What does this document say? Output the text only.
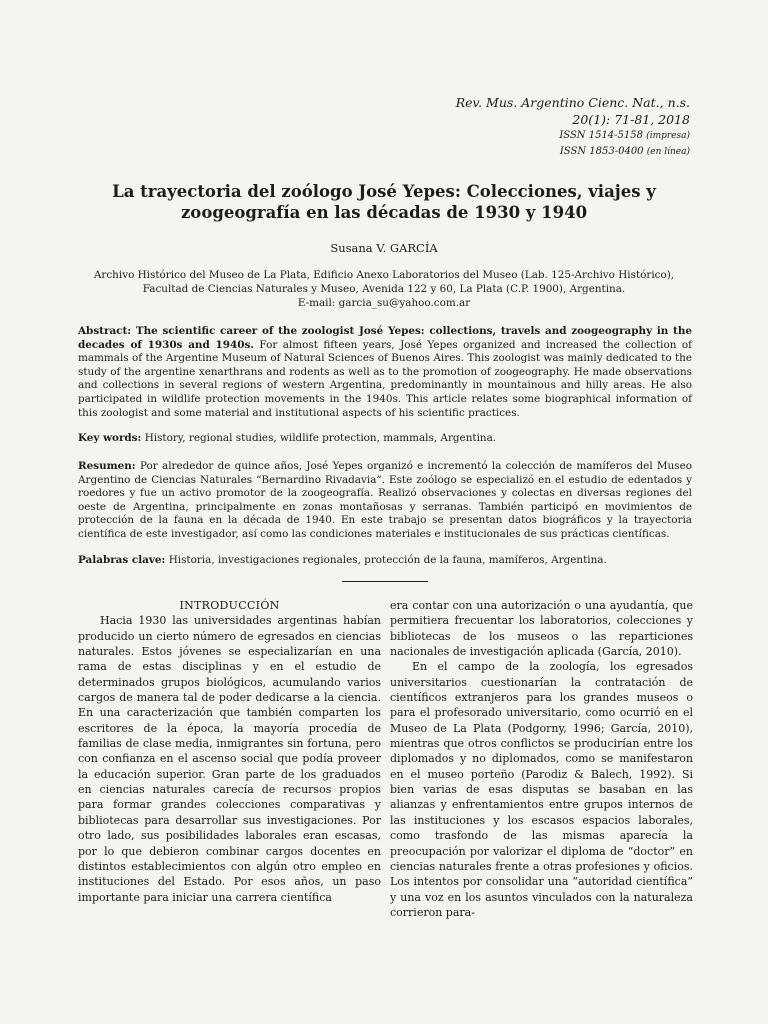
Rev. Mus. Argentino Cienc. Nat., n.s.
20(1): 71-81, 2018
ISSN 1514-5158 (impresa)
ISSN 1853-0400 (en línea)
La trayectoria del zoólogo José Yepes: Colecciones, viajes y zoogeografía en las décadas de 1930 y 1940
Susana V. GARCÍA
Archivo Histórico del Museo de La Plata, Edificio Anexo Laboratorios del Museo (Lab. 125-Archivo Histórico),
Facultad de Ciencias Naturales y Museo, Avenida 122 y 60, La Plata (C.P. 1900), Argentina.
E-mail: garcia_su@yahoo.com.ar
Abstract: The scientific career of the zoologist José Yepes: collections, travels and zoogeography in the decades of 1930s and 1940s. For almost fifteen years, José Yepes organized and increased the collection of mammals of the Argentine Museum of Natural Sciences of Buenos Aires. This zoologist was mainly dedicated to the study of the argentine xenarthrans and rodents as well as to the promotion of zoogeography. He made observations and collections in several regions of western Argentina, predominantly in mountainous and hilly areas. He also participated in wildlife protection movements in the 1940s. This article relates some biographical information of this zoologist and some material and institutional aspects of his scientific practices.
Key words: History, regional studies, wildlife protection, mammals, Argentina.
Resumen: Por alrededor de quince años, José Yepes organizó e incrementó la colección de mamíferos del Museo Argentino de Ciencias Naturales “Bernardino Rivadavia”. Este zoólogo se especializó en el estudio de edentados y roedores y fue un activo promotor de la zoogeografía. Realizó observaciones y colectas en diversas regiones del oeste de Argentina, principalmente en zonas montañosas y serranas. También participó en movimientos de protección de la fauna en la década de 1940. En este trabajo se presentan datos biográficos y la trayectoria científica de este investigador, así como las condiciones materiales e institucionales de sus prácticas científicas.
Palabras clave: Historia, investigaciones regionales, protección de la fauna, mamíferos, Argentina.

INTRODUCCIÓN

Hacia 1930 las universidades argentinas habían producido un cierto número de egresados en ciencias naturales. Estos jóvenes se especializarían en una rama de estas disciplinas y en el estudio de determinados grupos biológicos, acumulando varios cargos de manera tal de poder dedicarse a la ciencia. En una caracterización que también comparten los escritores de la época, la mayoría procedía de familias de clase media, inmigrantes sin fortuna, pero con confianza en el ascenso social que podía proveer la educación superior. Gran parte de los graduados en ciencias naturales carecía de recursos propios para formar grandes colecciones comparativas y bibliotecas para desarrollar sus investigaciones. Por otro lado, sus posibilidades laborales eran escasas, por lo que debieron combinar cargos docentes en distintos establecimientos con algún otro empleo en instituciones del Estado. Por esos años, un paso importante para iniciar una carrera científica

era contar con una autorización o una ayudantía, que permitiera frecuentar los laboratorios, colecciones y bibliotecas de los museos o las reparticiones nacionales de investigación aplicada (García, 2010).

En el campo de la zoología, los egresados universitarios cuestionarían la contratación de científicos extranjeros para los grandes museos o para el profesorado universitario, como ocurrió en el Museo de La Plata (Podgorny, 1996; García, 2010), mientras que otros conflictos se producirían entre los diplomados y no diplomados, como se manifestaron en el museo porteño (Parodiz & Balech, 1992). Si bien varias de esas disputas se basaban en las alianzas y enfrentamientos entre grupos internos de las instituciones y los escasos espacios laborales, como trasfondo de las mismas aparecía la preocupación por valorizar el diploma de “doctor” en ciencias naturales frente a otras profesiones y oficios. Los intentos por consolidar una “autoridad científica” y una voz en los asuntos vinculados con la naturaleza corrieron para-
